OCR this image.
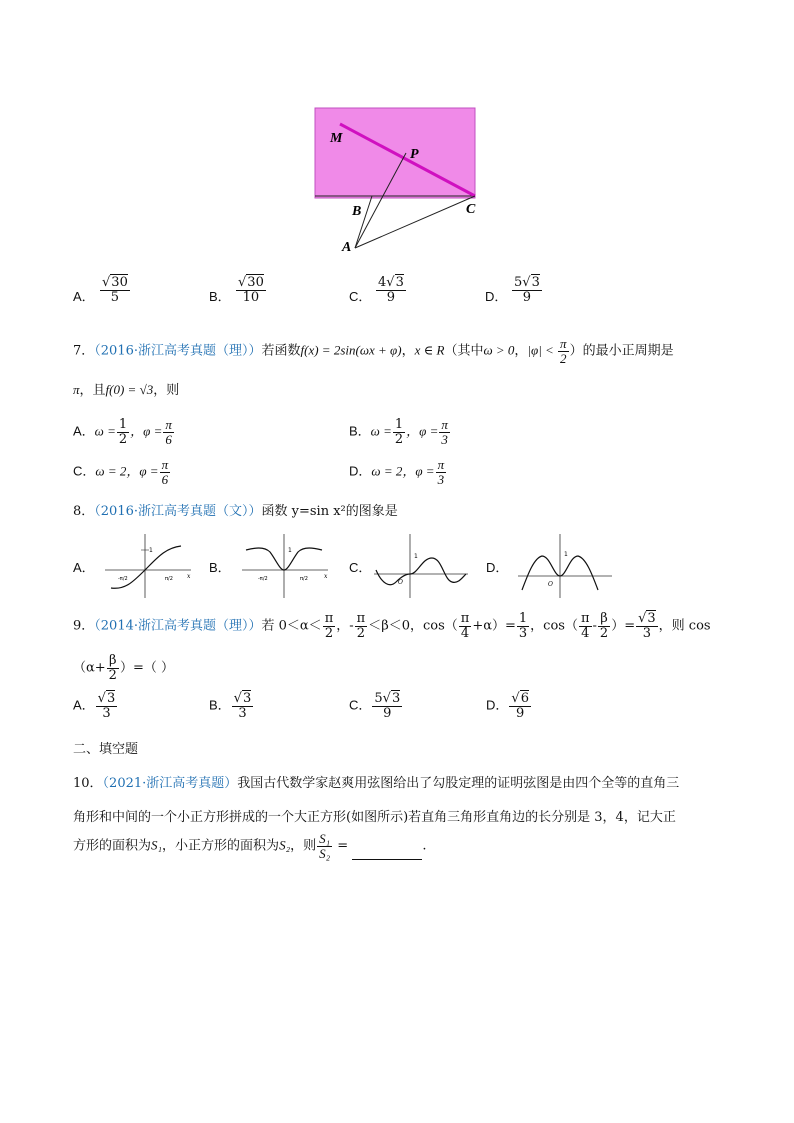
M
P
B	C
A
A． $\frac{√30}{5}$	B． $\frac{√30}{10}$	C． $\frac{4√3}{9}$	D． $\frac{5√3}{9}$
7．（2016·浙江高考真题（理））若函数f(x) = 2sin(ωx + φ)，x ∈ R（其中ω > 0，$|\varphi| < \frac{\pi}{2}$ ）的最小正周期是
π，且f(0) = √3，则
A．$\omega = \frac{1}{2}$ ，$\varphi = \frac{\pi}{6}$	B．$\omega = \frac{1}{2}$ ，$\varphi = \frac{\pi}{3}$
C．ω = 2，$\varphi = \frac{\pi}{6}$	D．ω = 2，$\varphi = \frac{\pi}{3}$
8．（2016·浙江高考真题（文））函数 y=sin x²的图象是
A．	B．	C．	D．
1
x
-π/2	π/2
1
x
-π/2	π/2
1
O
1
O
9．（2014·浙江高考真题（理））若 $0<\alpha< \frac{\pi}{2}$ ，- $\frac{\pi}{2} <\beta<0$，$\cos( \frac{\pi}{4} +\alpha)= \frac{1}{3}$ ，$\cos( \frac{\pi}{4} - \frac{\beta}{2}$ ）= $\frac{√3}{3}$ ，则 cos
（$\alpha+ \frac{\beta}{2}$ ）=（ ）
A． $\frac{√3}{3}$	B． $\frac{√3}{3}$	C． $\frac{5√3}{9}$	D． $\frac{√6}{9}$
二、填空题
10．（2021·浙江高考真题）我国古代数学家赵爽用弦图给出了勾股定理的证明弦图是由四个全等的直角三
角形和中间的一个小正方形拼成的一个大正方形(如图所示)若直角三角形直角边的长分别是 3，4，记大正
方形的面积为S₁，小正方形的面积为S₂，则 $\frac{\text{S₁}}{\text{S₂}}$ =	.
